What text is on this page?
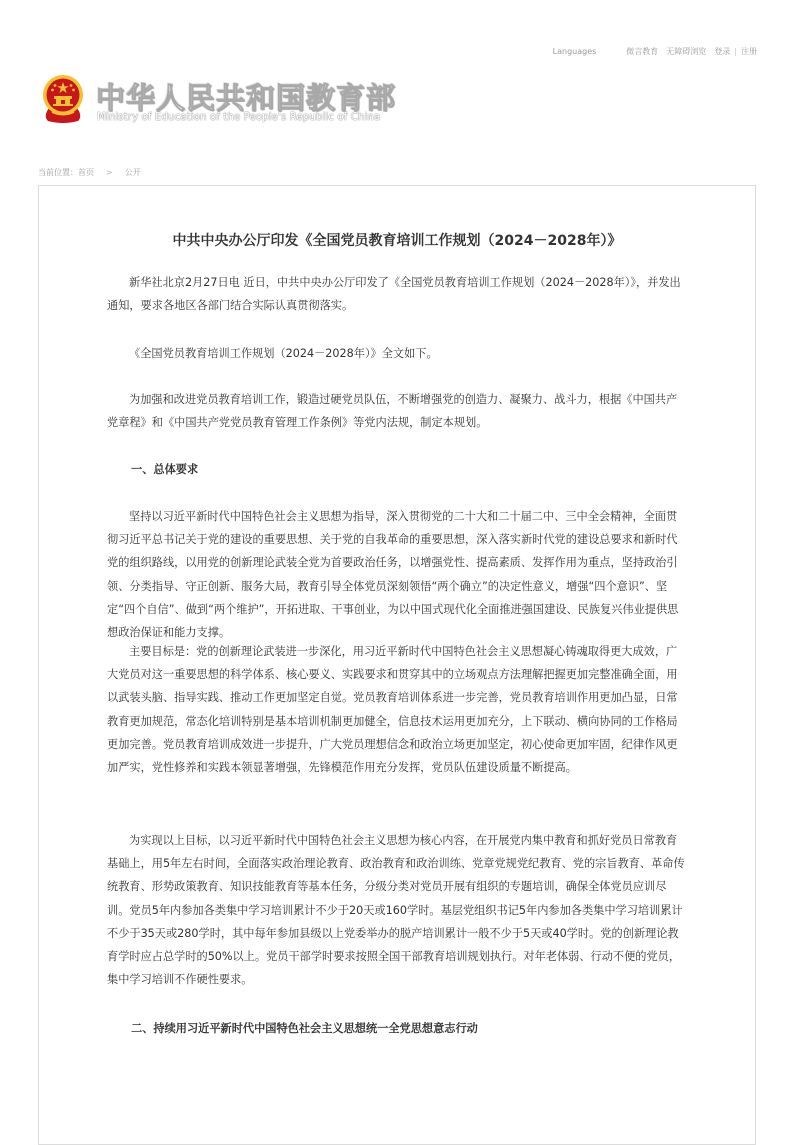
Languages	微言教育 无障碍浏览 登录 | 注册
中华人民共和国教育部
Ministry of Education of the People's Republic of China
当前位置： 首页 > 公开
中共中央办公厅印发《全国党员教育培训工作规划（2024－2028年）》

新华社北京2月27日电 近日，中共中央办公厅印发了《全国党员教育培训工作规划（2024－2028年）》，并发出通知，要求各地区各部门结合实际认真贯彻落实。

《全国党员教育培训工作规划（2024－2028年）》全文如下。

为加强和改进党员教育培训工作，锻造过硬党员队伍，不断增强党的创造力、凝聚力、战斗力，根据《中国共产党章程》和《中国共产党党员教育管理工作条例》等党内法规，制定本规划。

一、总体要求

坚持以习近平新时代中国特色社会主义思想为指导，深入贯彻党的二十大和二十届二中、三中全会精神，全面贯彻习近平总书记关于党的建设的重要思想、关于党的自我革命的重要思想，深入落实新时代党的建设总要求和新时代党的组织路线，以用党的创新理论武装全党为首要政治任务，以增强党性、提高素质、发挥作用为重点，坚持政治引领、分类指导、守正创新、服务大局，教育引导全体党员深刻领悟“两个确立”的决定性意义，增强“四个意识”、坚定“四个自信”、做到“两个维护”，开拓进取、干事创业，为以中国式现代化全面推进强国建设、民族复兴伟业提供思想政治保证和能力支撑。

主要目标是：党的创新理论武装进一步深化，用习近平新时代中国特色社会主义思想凝心铸魂取得更大成效，广大党员对这一重要思想的科学体系、核心要义、实践要求和贯穿其中的立场观点方法理解把握更加完整准确全面，用以武装头脑、指导实践、推动工作更加坚定自觉。党员教育培训体系进一步完善，党员教育培训作用更加凸显，日常教育更加规范，常态化培训特别是基本培训机制更加健全，信息技术运用更加充分，上下联动、横向协同的工作格局更加完善。党员教育培训成效进一步提升，广大党员理想信念和政治立场更加坚定，初心使命更加牢固，纪律作风更加严实，党性修养和实践本领显著增强，先锋模范作用充分发挥，党员队伍建设质量不断提高。

为实现以上目标，以习近平新时代中国特色社会主义思想为核心内容，在开展党内集中教育和抓好党员日常教育基础上，用5年左右时间，全面落实政治理论教育、政治教育和政治训练、党章党规党纪教育、党的宗旨教育、革命传统教育、形势政策教育、知识技能教育等基本任务，分级分类对党员开展有组织的专题培训，确保全体党员应训尽训。党员5年内参加各类集中学习培训累计不少于20天或160学时。基层党组织书记5年内参加各类集中学习培训累计不少于35天或280学时，其中每年参加县级以上党委举办的脱产培训累计一般不少于5天或40学时。党的创新理论教育学时应占总学时的50%以上。党员干部学时要求按照全国干部教育培训规划执行。对年老体弱、行动不便的党员，集中学习培训不作硬性要求。

二、持续用习近平新时代中国特色社会主义思想统一全党思想意志行动
